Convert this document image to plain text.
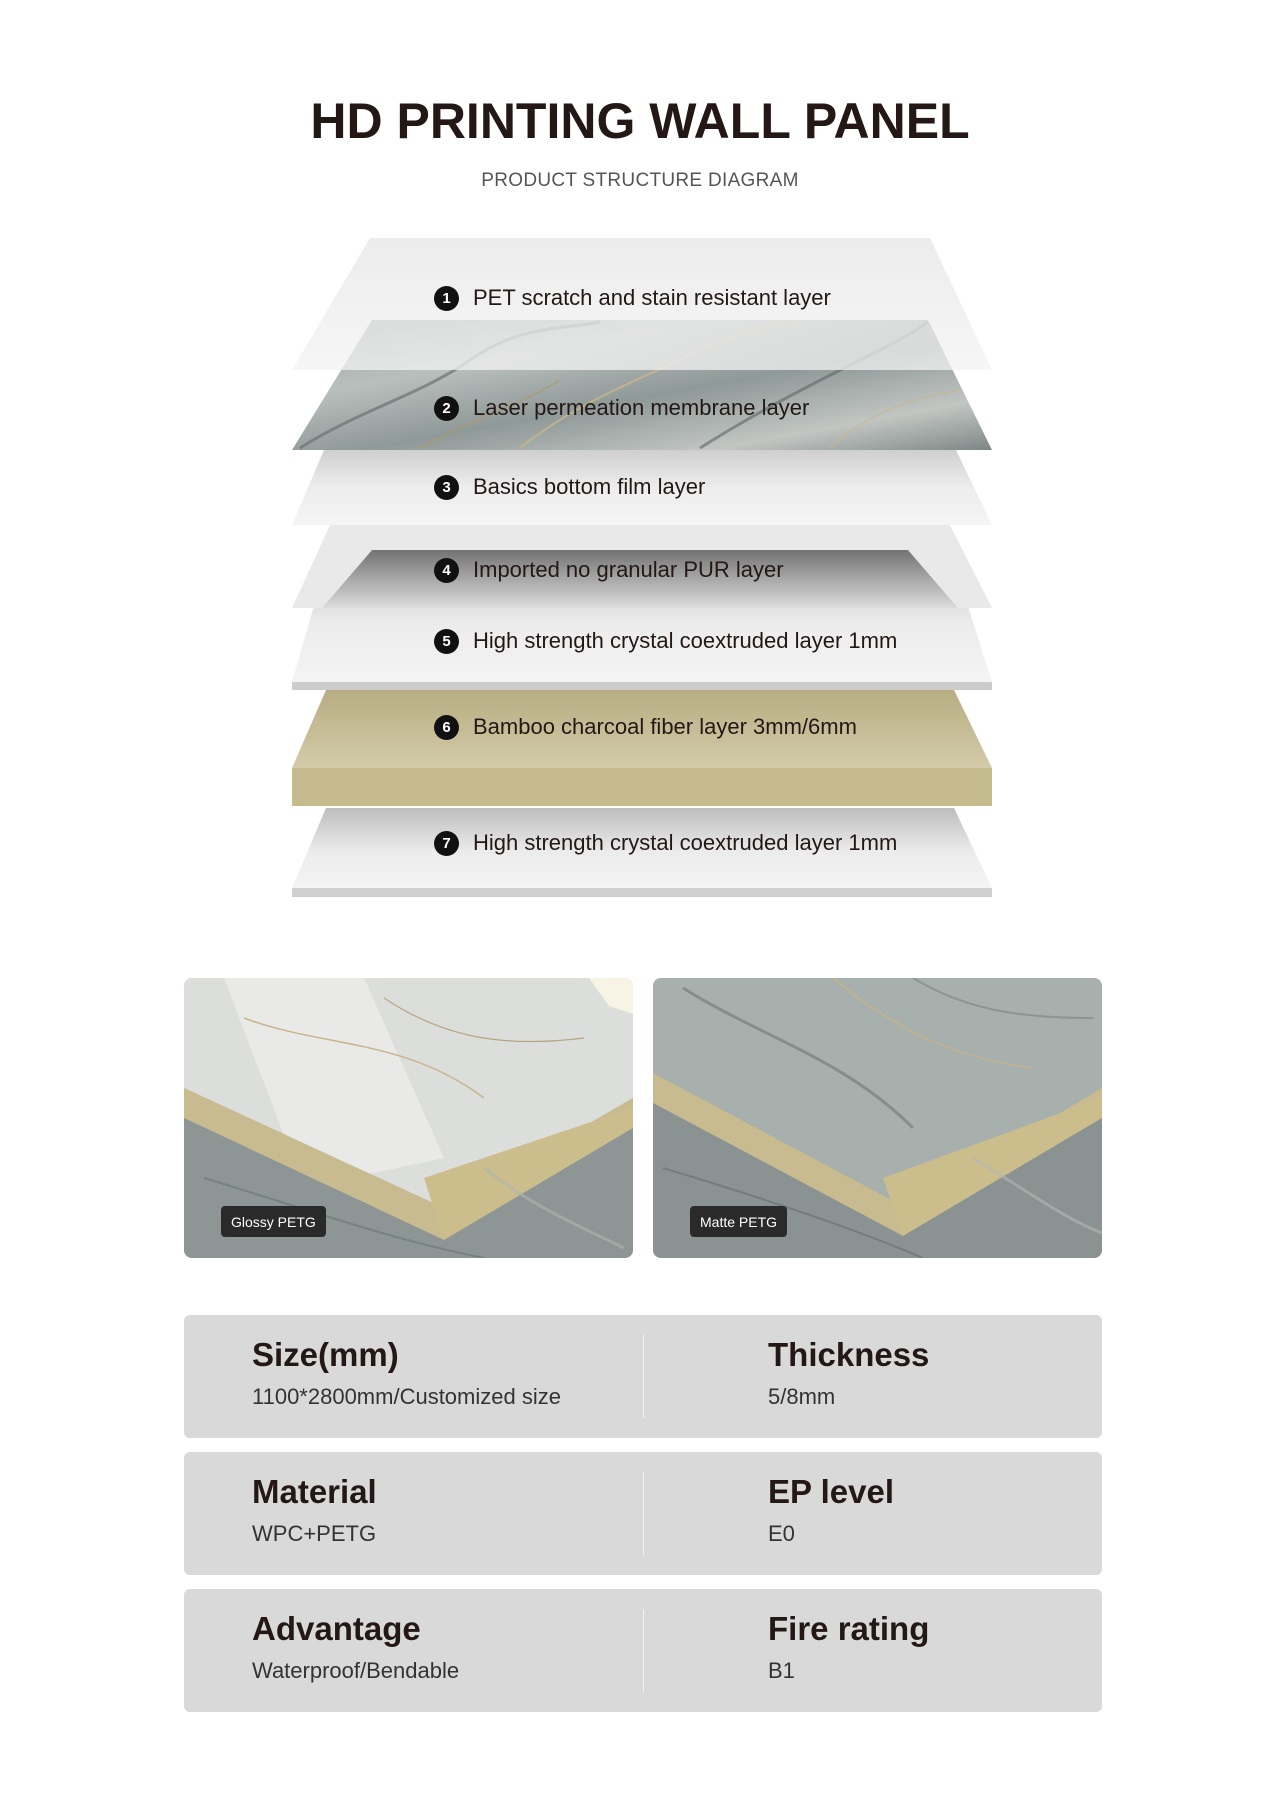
HD PRINTING WALL PANEL
PRODUCT STRUCTURE DIAGRAM
1	PET scratch and stain resistant layer
2	Laser permeation membrane layer
3	Basics bottom film layer
4	Imported no granular PUR layer
5	High strength crystal coextruded layer 1mm
6	Bamboo charcoal fiber layer 3mm/6mm
7	High strength crystal coextruded layer 1mm
Glossy PETG	Matte PETG
Size(mm)
1100*2800mm/Customized size
Thickness
5/8mm
Material
WPC+PETG
EP level
E0
Advantage
Waterproof/Bendable
Fire rating
B1
